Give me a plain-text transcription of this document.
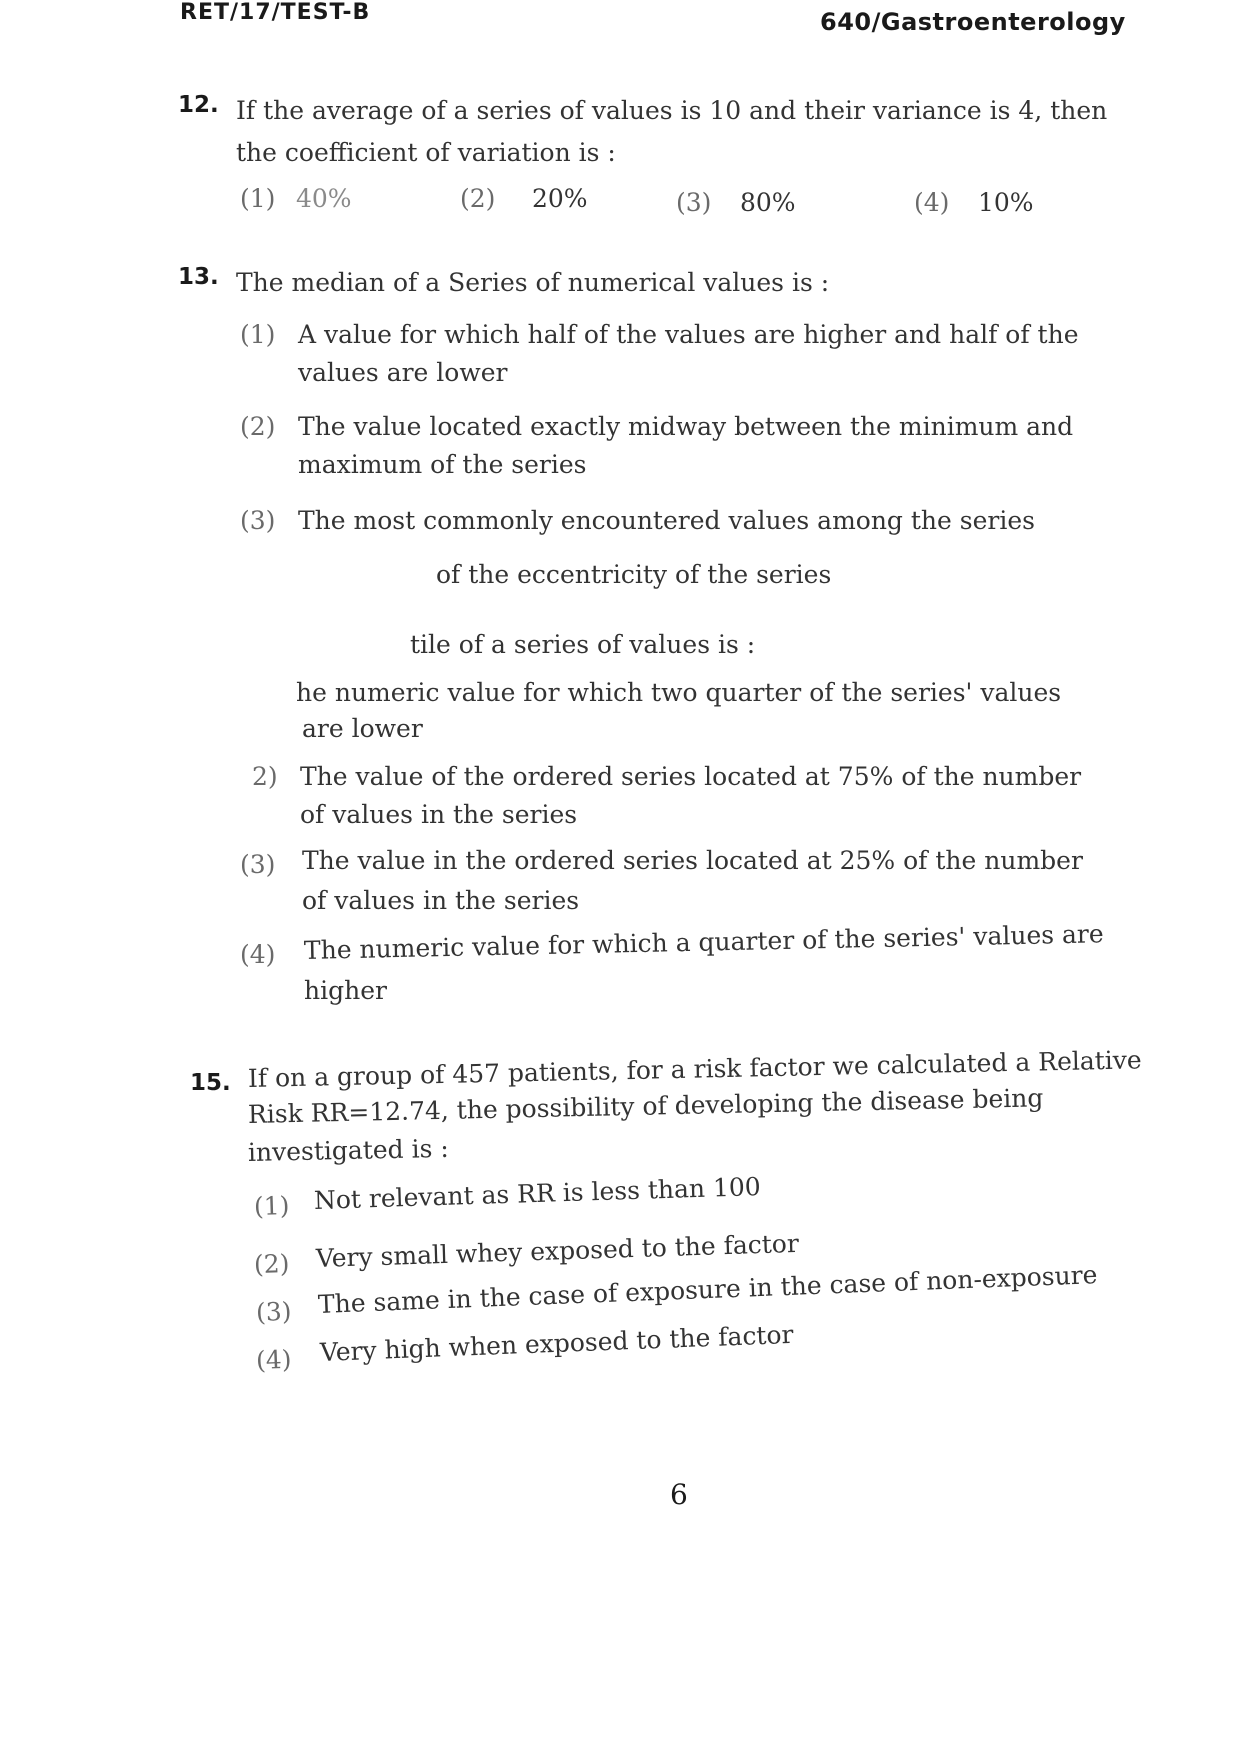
RET/17/TEST-B	640/Gastroenterology
12. If the average of a series of values is 10 and their variance is 4, then
the coefficient of variation is :
(1) 40%	(2) 20%	(3) 80%	(4) 10%
13. The median of a Series of numerical values is :
(1) A value for which half of the values are higher and half of the
values are lower
(2) The value located exactly midway between the minimum and
maximum of the series
(3) The most commonly encountered values among the series
of the eccentricity of the series
tile of a series of values is :
he numeric value for which two quarter of the series' values
are lower
2) The value of the ordered series located at 75% of the number
of values in the series
(3) The value in the ordered series located at 25% of the number
of values in the series
(4) The numeric value for which a quarter of the series' values are
higher
15. If on a group of 457 patients, for a risk factor we calculated a Relative
Risk RR=12.74, the possibility of developing the disease being
investigated is :
(1) Not relevant as RR is less than 100
(2) Very small whey exposed to the factor
(3) The same in the case of exposure in the case of non-exposure
(4) Very high when exposed to the factor
6
